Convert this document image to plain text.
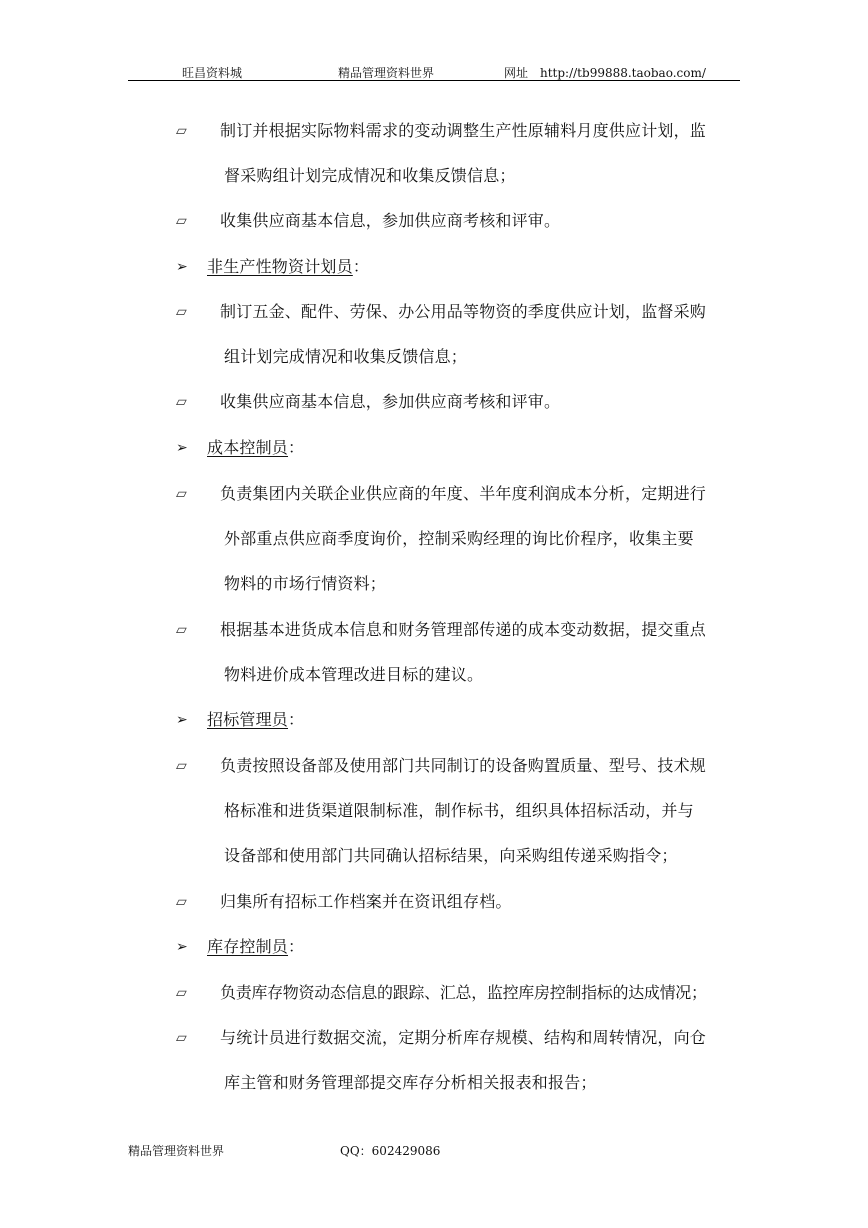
旺昌资料城	精品管理资料世界	网址　http://tb99888.taobao.com/
▱ 制订并根据实际物料需求的变动调整生产性原辅料月度供应计划，监
督采购组计划完成情况和收集反馈信息；
▱ 收集供应商基本信息，参加供应商考核和评审。
➢ 非生产性物资计划员：
▱ 制订五金、配件、劳保、办公用品等物资的季度供应计划，监督采购
组计划完成情况和收集反馈信息；
▱ 收集供应商基本信息，参加供应商考核和评审。
➢ 成本控制员：
▱ 负责集团内关联企业供应商的年度、半年度利润成本分析，定期进行
外部重点供应商季度询价，控制采购经理的询比价程序，收集主要
物料的市场行情资料；
▱ 根据基本进货成本信息和财务管理部传递的成本变动数据，提交重点
物料进价成本管理改进目标的建议。
➢ 招标管理员：
▱ 负责按照设备部及使用部门共同制订的设备购置质量、型号、技术规
格标准和进货渠道限制标准，制作标书，组织具体招标活动，并与
设备部和使用部门共同确认招标结果，向采购组传递采购指令；
▱ 归集所有招标工作档案并在资讯组存档。
➢ 库存控制员：
▱ 负责库存物资动态信息的跟踪、汇总，监控库房控制指标的达成情况；
▱ 与统计员进行数据交流，定期分析库存规模、结构和周转情况，向仓
库主管和财务管理部提交库存分析相关报表和报告；
精品管理资料世界	QQ：602429086
